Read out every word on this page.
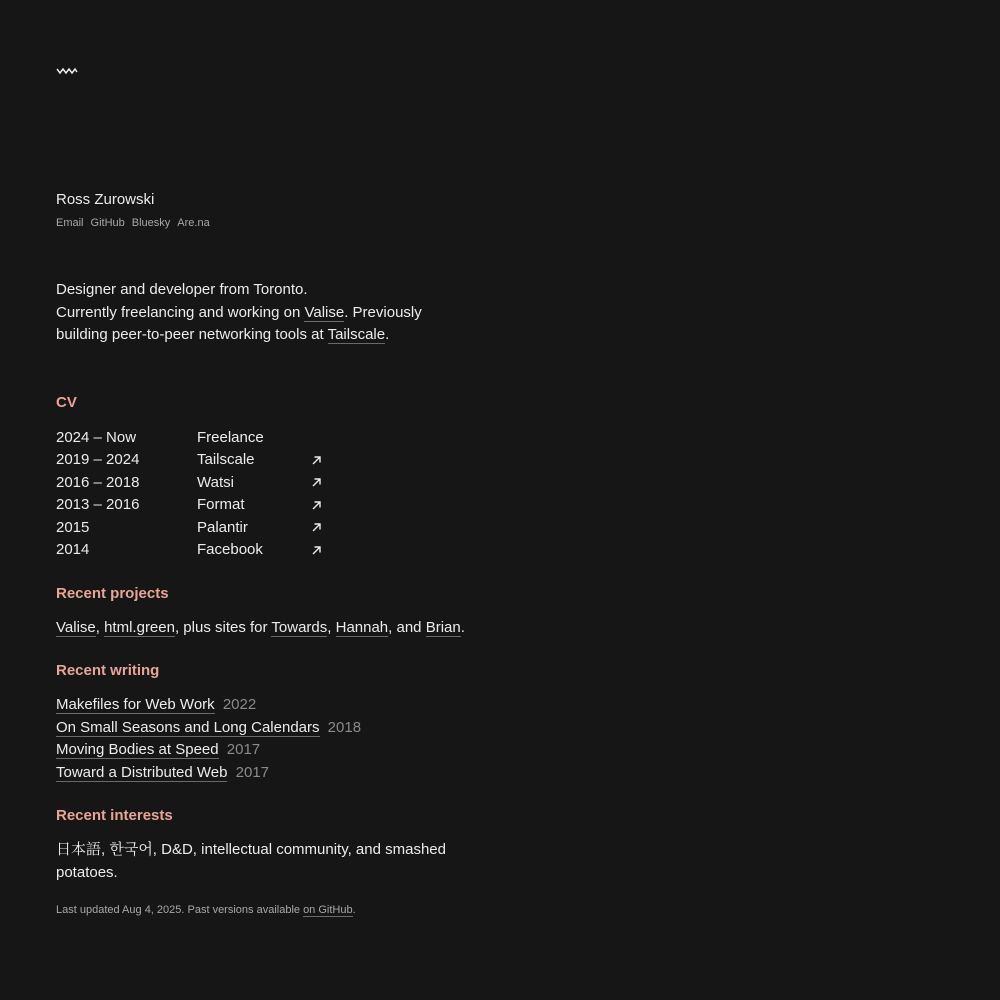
Ross Zurowski
Email GitHub Bluesky Are.na

Designer and developer from Toronto.

Currently freelancing and working on Valise. Previously

building peer-to-peer networking tools at Tailscale.

CV
2024 – Now	Freelance
2019 – 2024	Tailscale
2016 – 2018	Watsi
2013 – 2016	Format
2015	Palantir
2014	Facebook
Recent projects
Valise, html.green, plus sites for Towards, Hannah, and Brian.
Recent writing
Makefiles for Web Work 2022
On Small Seasons and Long Calendars 2018
Moving Bodies at Speed 2017
Toward a Distributed Web 2017
Recent interests
日本語, 한국어, D&D, intellectual community, and smashed potatoes.
Last updated Aug 4, 2025. Past versions available on GitHub.
